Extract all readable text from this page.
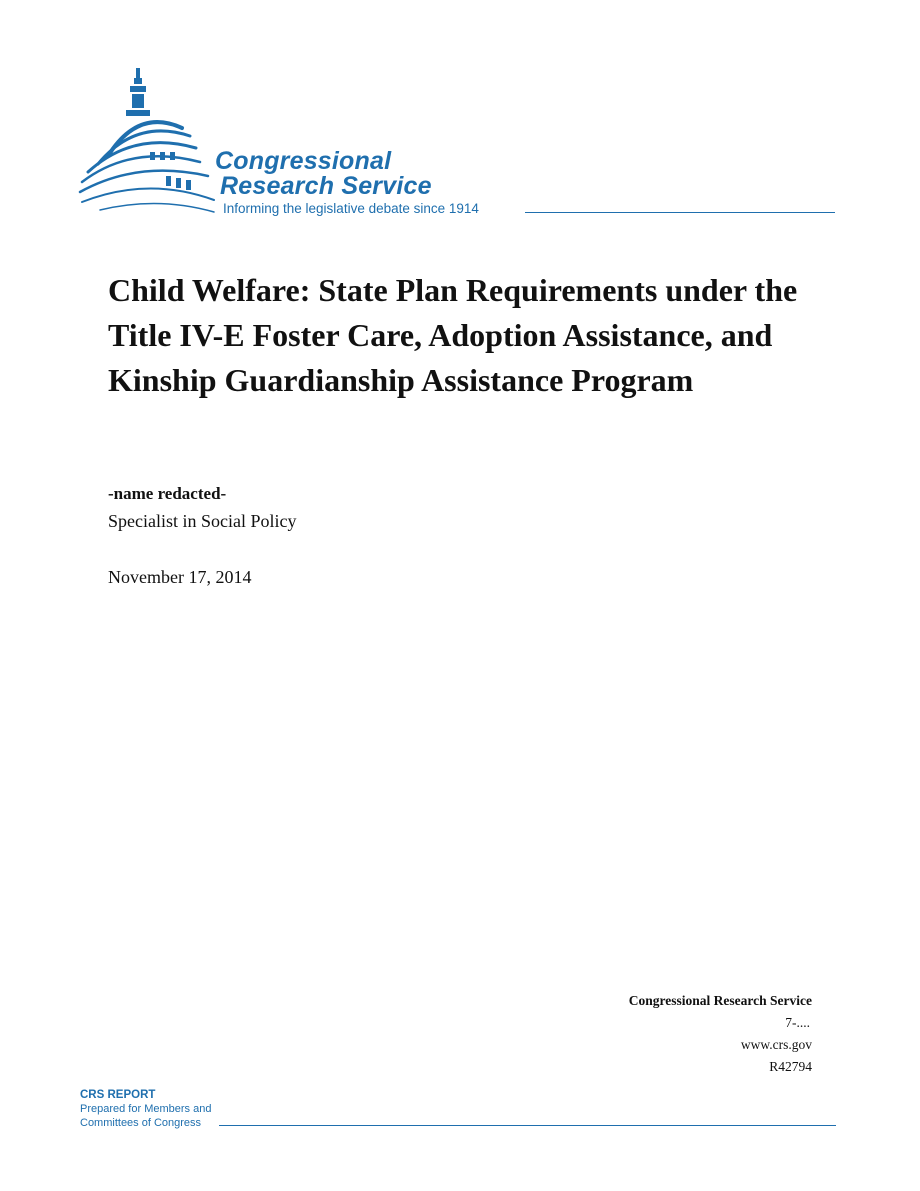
Congressional
Research Service
Informing the legislative debate since 1914
Child Welfare: State Plan Requirements under the Title IV-E Foster Care, Adoption Assistance, and Kinship Guardianship Assistance Program
-name redacted-
Specialist in Social Policy
November 17, 2014
Congressional Research Service
7-....
www.crs.gov
R42794
CRS REPORT
Prepared for Members and
Committees of Congress
